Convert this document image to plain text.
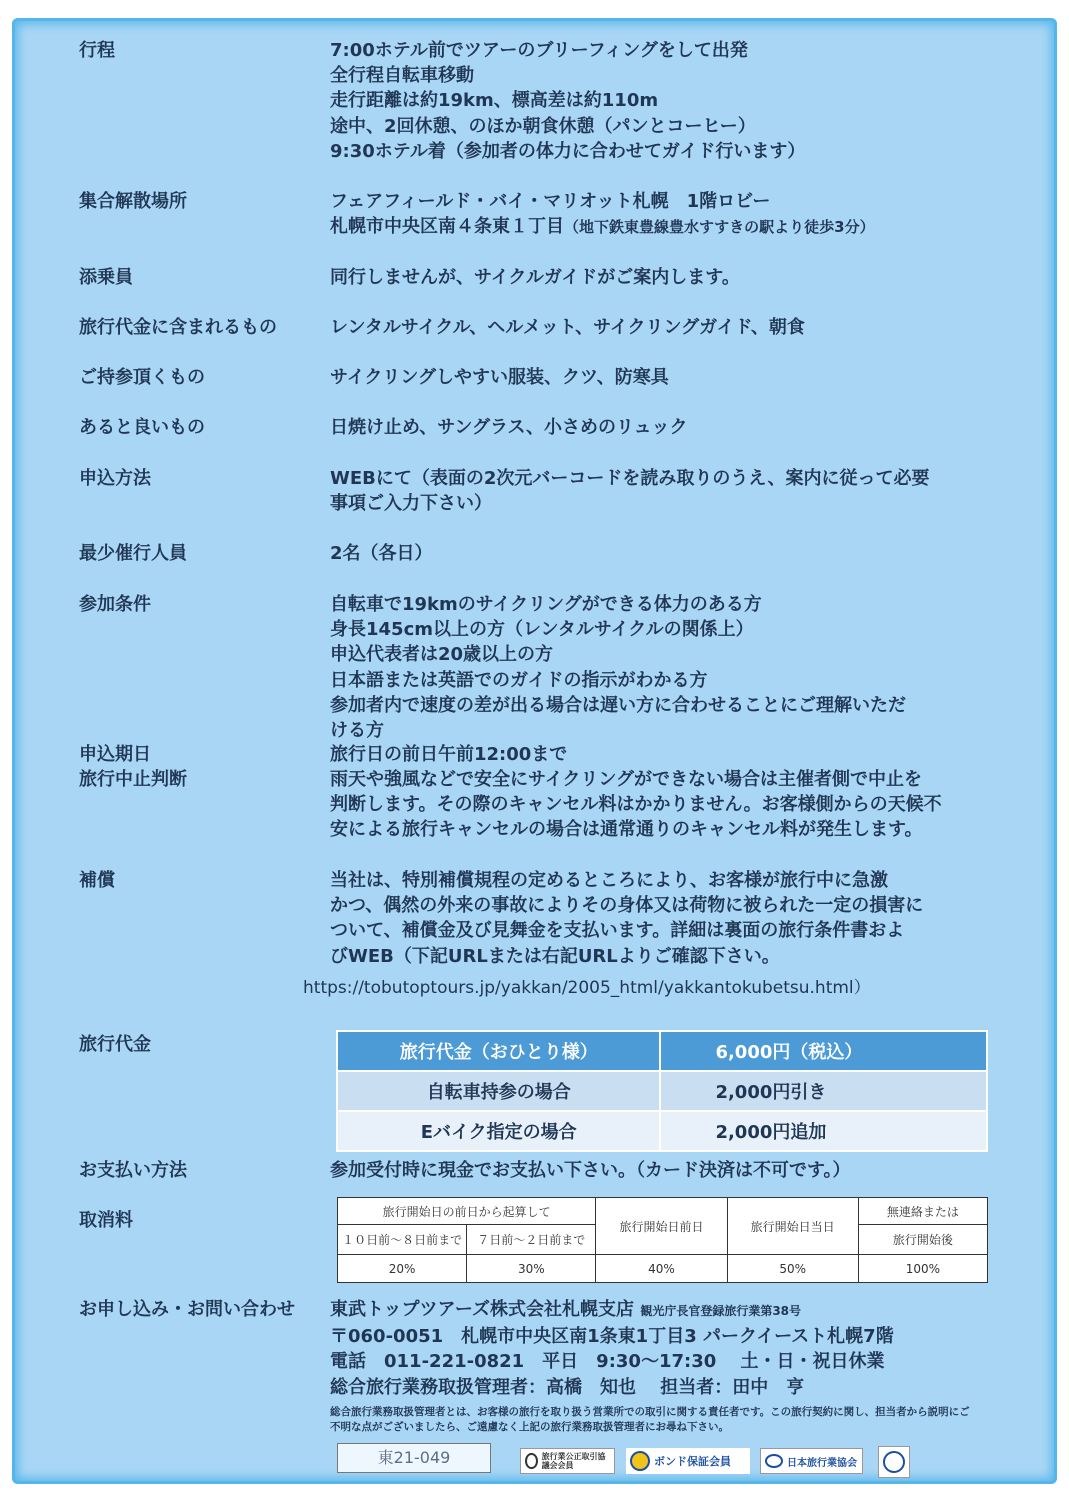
行程	7:00ホテル前でツアーのブリーフィングをして出発
全行程自転車移動
走行距離は約19km、標高差は約110m
途中、2回休憩、のほか朝食休憩（パンとコーヒー）
9:30ホテル着（参加者の体力に合わせてガイド行います）
集合解散場所	フェアフィールド・バイ・マリオット札幌　1階ロビー
札幌市中央区南４条東１丁目（地下鉄東豊線豊水すすきの駅より徒歩3分）
添乗員	同行しませんが、サイクルガイドがご案内します。
旅行代金に含まれるもの	レンタルサイクル、ヘルメット、サイクリングガイド、朝食
ご持参頂くもの	サイクリングしやすい服装、クツ、防寒具
あると良いもの	日焼け止め、サングラス、小さめのリュック
申込方法	WEBにて（表面の2次元バーコードを読み取りのうえ、案内に従って必要
事項ご入力下さい）
最少催行人員	2名（各日）
参加条件	自転車で19kmのサイクリングができる体力のある方
身長145cm以上の方（レンタルサイクルの関係上）
申込代表者は20歳以上の方
日本語または英語でのガイドの指示がわかる方
参加者内で速度の差が出る場合は遅い方に合わせることにご理解いただ
ける方
申込期日	旅行日の前日午前12:00まで
旅行中止判断	雨天や強風などで安全にサイクリングができない場合は主催者側で中止を
判断します。その際のキャンセル料はかかりません。お客様側からの天候不
安による旅行キャンセルの場合は通常通りのキャンセル料が発生します。
補償	当社は、特別補償規程の定めるところにより、お客様が旅行中に急激
かつ、偶然の外来の事故によりその身体又は荷物に被られた一定の損害に
ついて、補償金及び見舞金を支払います。詳細は裏面の旅行条件書およ
びWEB（下記URLまたは右記URLよりご確認下さい。
https://tobutoptours.jp/yakkan/2005_html/yakkantokubetsu.html）
旅行代金	旅行代金（おひとり様）	6,000円（税込）
自転車持参の場合	2,000円引き
Eバイク指定の場合	2,000円追加
お支払い方法	参加受付時に現金でお支払い下さい。（カード決済は不可です。）
取消料	旅行開始日の前日から起算して		旅行開始日前日	旅行開始日当日	無連絡または
１０日前～８日前まで	７日前～２日前まで			旅行開始後
20%	30%	40%	50%	100%
お申し込み・お問い合わせ 東武トップツアーズ株式会社札幌支店 観光庁長官登録旅行業第38号
〒060-0051　札幌市中央区南1条東1丁目3 パークイースト札幌7階
電話　011-221-0821　平日　9:30～17:30　 土・日・祝日休業
総合旅行業務取扱管理者：高橋　知也　 担当者：田中　亨
総合旅行業務取扱管理者とは、お客様の旅行を取り扱う営業所での取引に関する責任者です。この旅行契約に関し、担当者から説明にご不明な点がございましたら、ご遠慮なく上記の旅行業務取扱管理者にお尋ね下さい。
東21-049	旅行業公正取引協議会会員	ボンド保証会員	日本旅行業協会
